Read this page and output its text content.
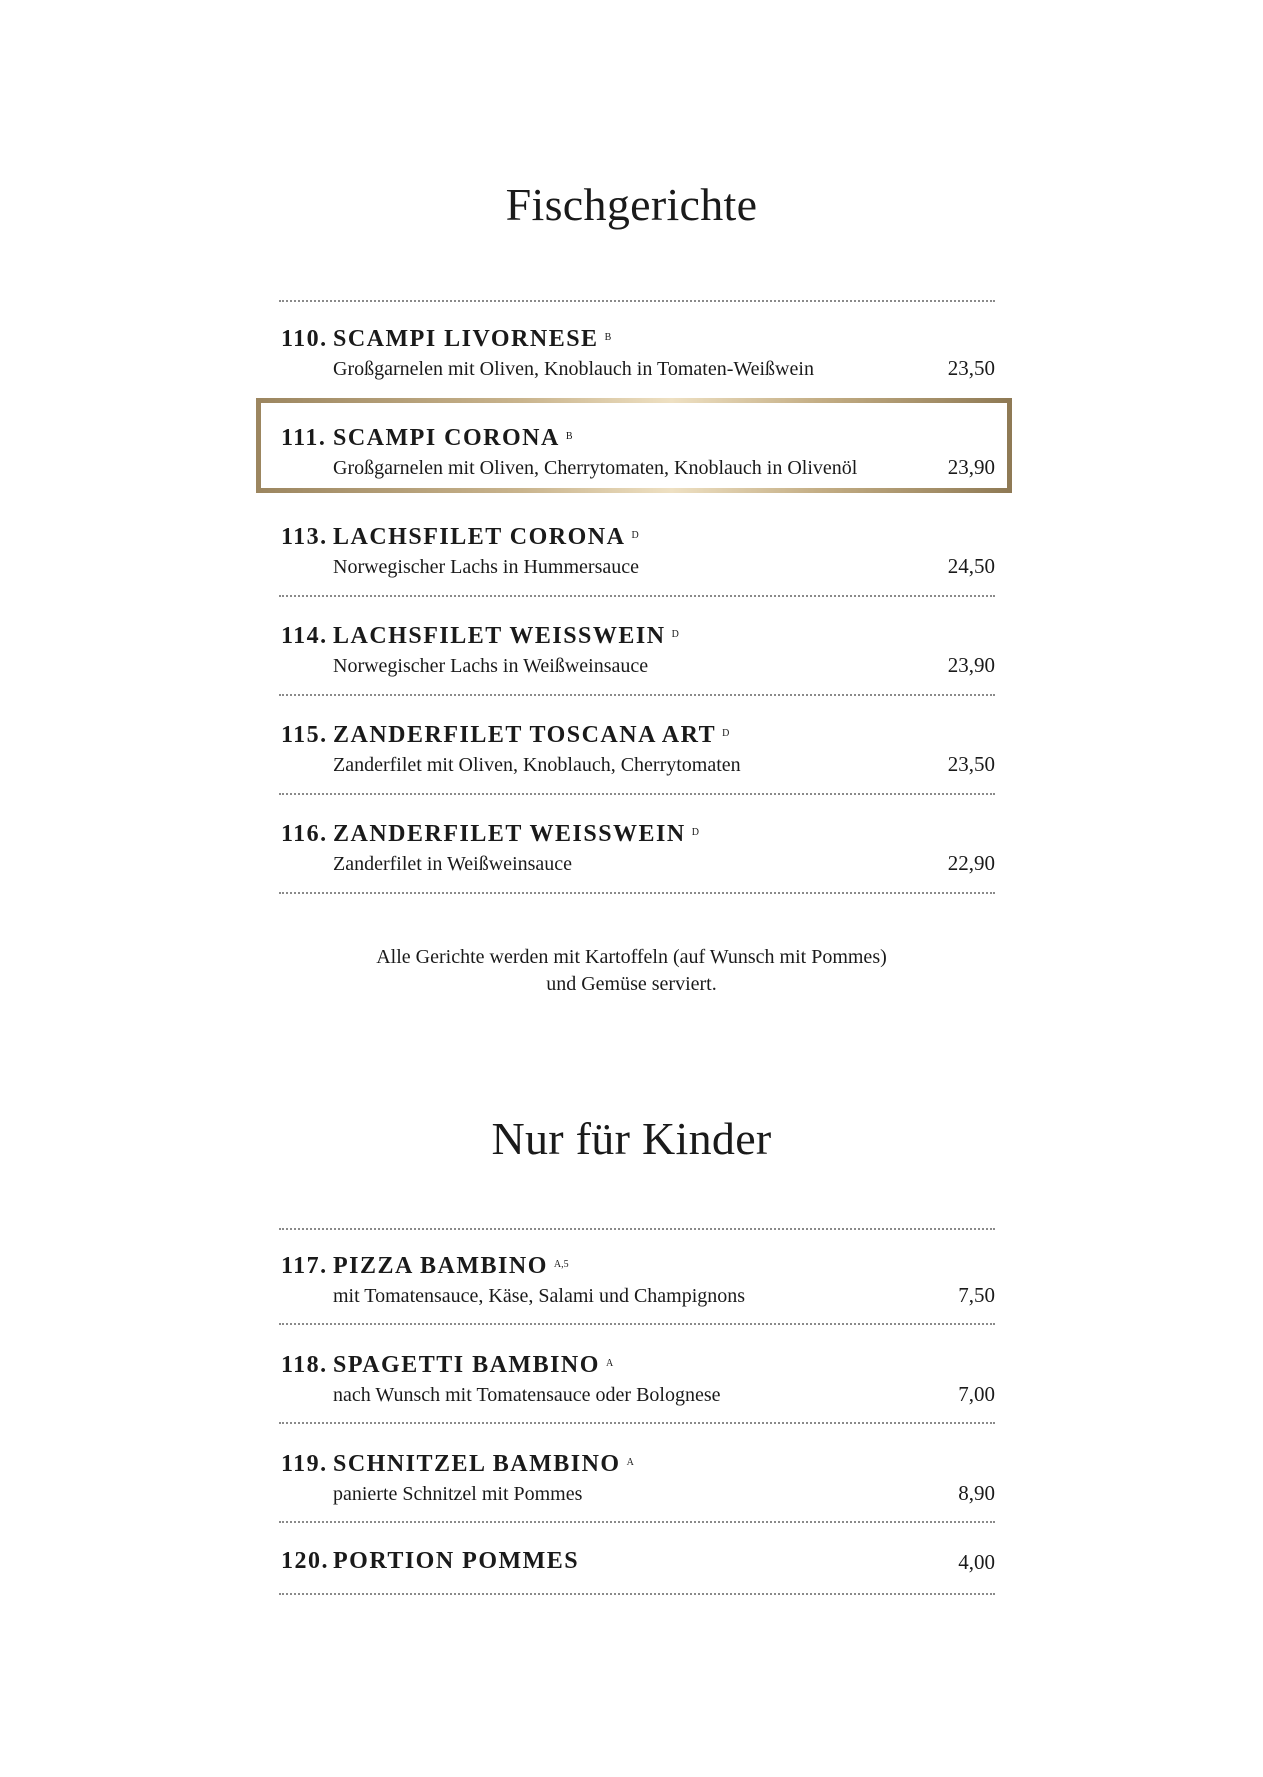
Fischgerichte
110. SCAMPI LIVORNESE $^B$
Großgarnelen mit Oliven, Knoblauch in Tomaten-Weißwein	23,50
111. SCAMPI CORONA $^B$
Großgarnelen mit Oliven, Cherrytomaten, Knoblauch in Olivenöl	23,90
113. LACHSFILET CORONA $^D$
Norwegischer Lachs in Hummersauce	24,50
114. LACHSFILET WEISSWEIN $^D$
Norwegischer Lachs in Weißweinsauce	23,90
115. ZANDERFILET TOSCANA ART $^D$
Zanderfilet mit Oliven, Knoblauch, Cherrytomaten	23,50
116. ZANDERFILET WEISSWEIN $^D$
Zanderfilet in Weißweinsauce	22,90
Alle Gerichte werden mit Kartoffeln (auf Wunsch mit Pommes)
und Gemüse serviert.
Nur für Kinder
117. PIZZA BAMBINO $^{A,5}$
mit Tomatensauce, Käse, Salami und Champignons	7,50
118. SPAGETTI BAMBINO $^A$
nach Wunsch mit Tomatensauce oder Bolognese	7,00
119. SCHNITZEL BAMBINO $^A$
panierte Schnitzel mit Pommes	8,90
120. PORTION POMMES	4,00
